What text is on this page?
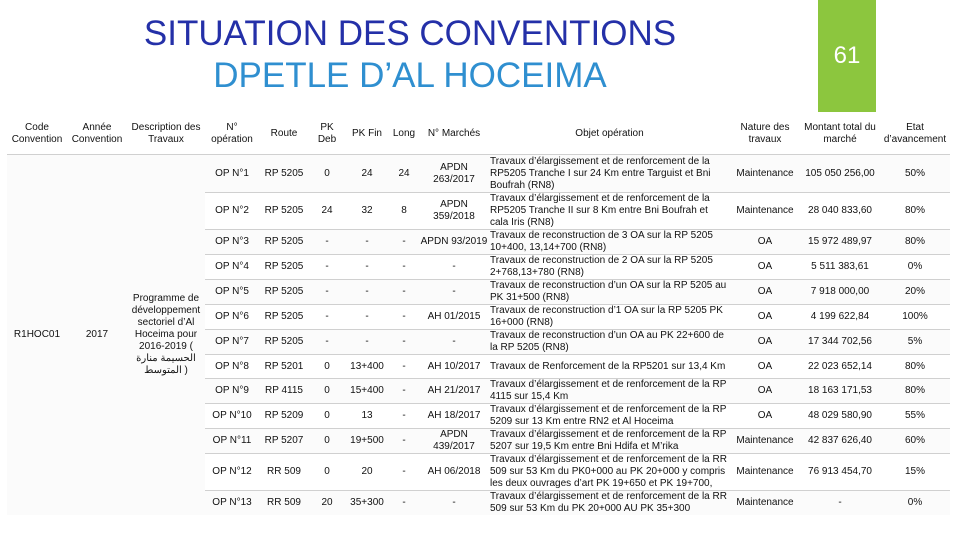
SITUATION DES CONVENTIONS
DPETLE D’AL HOCEIMA
61
Code Convention	Année Convention	Description des Travaux	N° opération	Route	PK Deb	PK Fin	Long	N° Marchés	Objet opération	Nature des travaux	Montant total du marché	Etat d’avancement
R1HOC01	2017	Programme de développement sectoriel d’Al Hoceima pour 2016-2019 ( الحسيمة منارة المتوسط )	OP N°1	RP 5205	0	24	24	APDN 263/2017	Travaux d’élargissement et de renforcement de la RP5205 Tranche I sur 24 Km entre Targuist et Bni Boufrah (RN8)	Maintenance	105 050 256,00	50%
			OP N°2	RP 5205	24	32	8	APDN 359/2018	Travaux d’élargissement et de renforcement de la RP5205 Tranche II sur 8 Km entre Bni Boufrah et cala Iris (RN8)	Maintenance	28 040 833,60	80%
			OP N°3	RP 5205	-	-	-	APDN 93/2019	Travaux de reconstruction de 3 OA sur la RP 5205 10+400, 13,14+700 (RN8)	OA	15 972 489,97	80%
			OP N°4	RP 5205	-	-	-	-	Travaux de reconstruction de 2 OA sur la RP 5205 2+768,13+780 (RN8)	OA	5 511 383,61	0%
			OP N°5	RP 5205	-	-	-	-	Travaux de reconstruction d’un OA sur la RP 5205 au PK 31+500 (RN8)	OA	7 918 000,00	20%
			OP N°6	RP 5205	-	-	-	AH 01/2015	Travaux de reconstruction d’1 OA sur la RP 5205 PK 16+000 (RN8)	OA	4 199 622,84	100%
			OP N°7	RP 5205	-	-	-	-	Travaux de reconstruction d’un OA au PK 22+600 de la RP 5205 (RN8)	OA	17 344 702,56	5%
			OP N°8	RP 5201	0	13+400	-	AH 10/2017	Travaux de Renforcement de la RP5201 sur 13,4 Km	OA	22 023 652,14	80%
			OP N°9	RP 4115	0	15+400	-	AH 21/2017	Travaux d’élargissement et de renforcement de la RP 4115 sur 15,4 Km	OA	18 163 171,53	80%
			OP N°10	RP 5209	0	13	-	AH 18/2017	Travaux d’élargissement et de renforcement de la RP 5209 sur 13 Km entre RN2 et Al Hoceima	OA	48 029 580,90	55%
			OP N°11	RP 5207	0	19+500	-	APDN 439/2017	Travaux d’élargissement et de renforcement de la RP 5207 sur 19,5 Km entre Bni Hdifa et M’rika	Maintenance	42 837 626,40	60%
			OP N°12	RR 509	0	20	-	AH 06/2018	Travaux d’élargissement et de renforcement de la RR 509 sur 53 Km du PK0+000 au PK 20+000 y compris les deux ouvrages d’art PK 19+650 et PK 19+700,	Maintenance	76 913 454,70	15%
			OP N°13	RR 509	20	35+300	-	-	Travaux d’élargissement et de renforcement de la RR 509 sur 53 Km du PK 20+000 AU PK 35+300	Maintenance	-	0%
